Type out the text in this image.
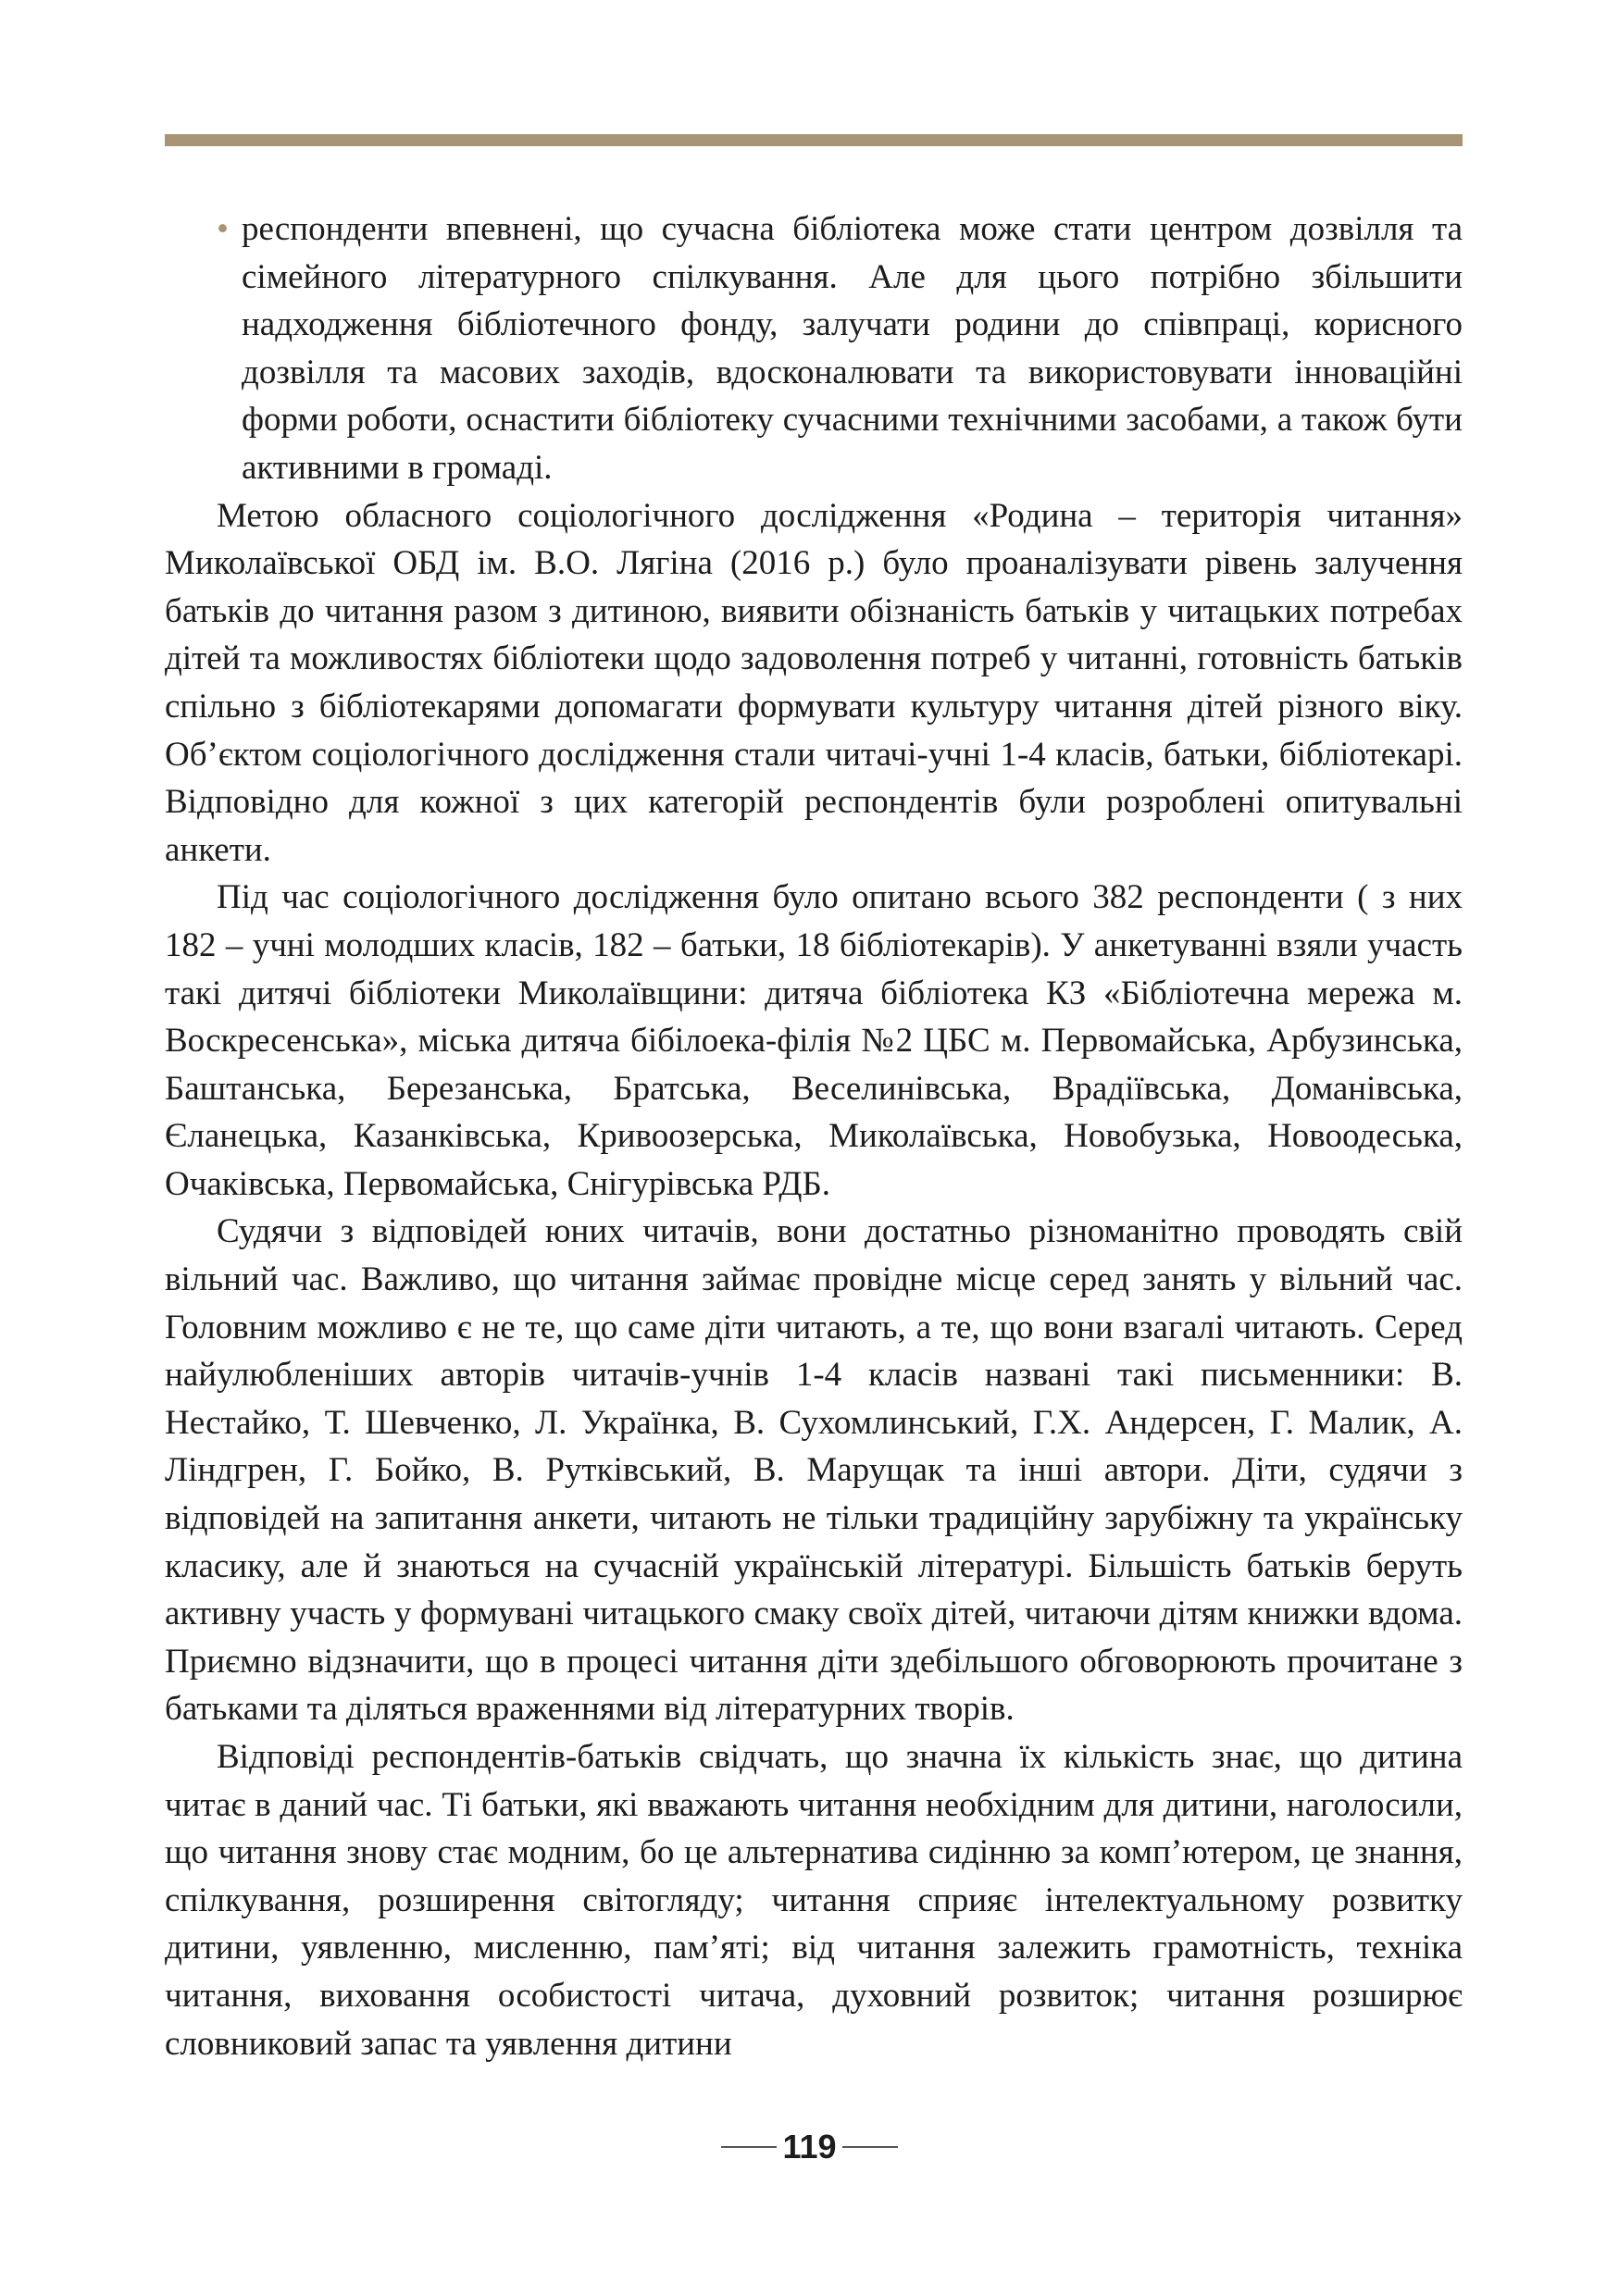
• респонденти впевнені, що сучасна бібліотека може стати центром дозвілля та сімейного літературного спілкування. Але для цього потрібно збільшити надходження бібліотечного фонду, залучати родини до співпраці, корисного дозвілля та масових заходів, вдосконалювати та використовувати інноваційні форми роботи, оснастити бібліотеку сучасними технічними засобами, а також бути активними в громаді.

Метою обласного соціологічного дослідження «Родина – територія читання» Миколаївської ОБД ім. В.О. Лягіна (2016 р.) було проаналізувати рівень залучення батьків до читання разом з дитиною, виявити обізнаність батьків у читацьких потребах дітей та можливостях бібліотеки щодо задоволення потреб у читанні, готовність батьків спільно з бібліотекарями допомагати формувати культуру читання дітей різного віку. Об’єктом соціологічного дослідження стали читачі-учні 1-4 класів, батьки, бібліотекарі. Відповідно для кожної з цих категорій респондентів були розроблені опитувальні анкети.

Під час соціологічного дослідження було опитано всього 382 респонденти ( з них 182 – учні молодших класів, 182 – батьки, 18 бібліотекарів). У анкетуванні взяли участь такі дитячі бібліотеки Миколаївщини: дитяча бібліотека КЗ «Бібліотечна мережа м. Воскресенська», міська дитяча бібілоека-філія №2 ЦБС м. Первомайська, Арбузинська, Баштанська, Березанська, Братська, Веселинівська, Врадіївська, Доманівська, Єланецька, Казанківська, Кривоозерська, Миколаївська, Новобузька, Новоодеська, Очаківська, Первомайська, Снігурівська РДБ.

Судячи з відповідей юних читачів, вони достатньо різноманітно проводять свій вільний час. Важливо, що читання займає провідне місце серед занять у вільний час. Головним можливо є не те, що саме діти читають, а те, що вони взагалі читають. Серед найулюбленіших авторів читачів-учнів 1-4 класів названі такі письменники: В. Нестайко, Т. Шевченко, Л. Українка, В. Сухомлинський, Г.Х. Андерсен, Г. Малик, А. Ліндгрен, Г. Бойко, В. Рутківський, В. Марущак та інші автори. Діти, судячи з відповідей на запитання анкети, читають не тільки традиційну зарубіжну та українську класику, але й знаються на сучасній українській літературі. Більшість батьків беруть активну участь у формувані читацького смаку своїх дітей, читаючи дітям книжки вдома. Приємно відзначити, що в процесі читання діти здебільшого обговорюють прочитане з батьками та діляться враженнями від літературних творів.

Відповіді респондентів-батьків свідчать, що значна їх кількість знає, що дитина читає в даний час. Ті батьки, які вважають читання необхідним для дитини, наголосили, що читання знову стає модним, бо це альтернатива сидінню за комп’ютером, це знання, спілкування, розширення світогляду; читання сприяє інтелектуальному розвитку дитини, уявленню, мисленню, пам’яті; від читання залежить грамотність, техніка читання, виховання особистості читача, духовний розвиток; читання розширює словниковий запас та уявлення дитини

119
